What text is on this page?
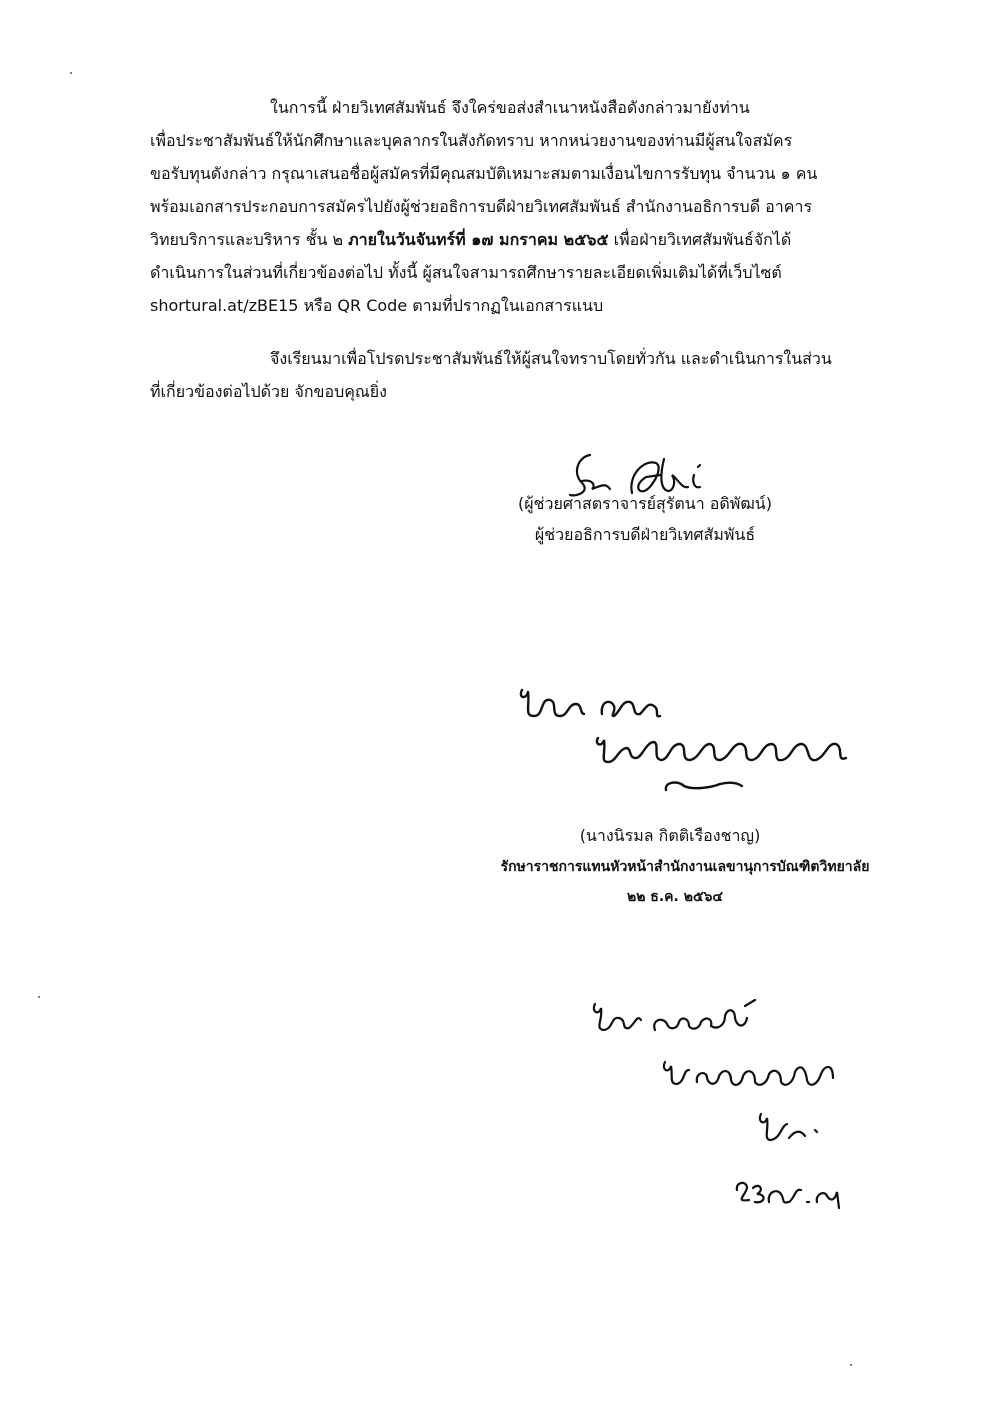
ในการนี้ ฝ่ายวิเทศสัมพันธ์ จึงใคร่ขอส่งสำเนาหนังสือดังกล่าวมายังท่าน
เพื่อประชาสัมพันธ์ให้นักศึกษาและบุคลากรในสังกัดทราบ หากหน่วยงานของท่านมีผู้สนใจสมัคร
ขอรับทุนดังกล่าว กรุณาเสนอชื่อผู้สมัครที่มีคุณสมบัติเหมาะสมตามเงื่อนไขการรับทุน จำนวน ๑ คน
พร้อมเอกสารประกอบการสมัครไปยังผู้ช่วยอธิการบดีฝ่ายวิเทศสัมพันธ์ สำนักงานอธิการบดี อาคาร
วิทยบริการและบริหาร ชั้น ๒ ภายในวันจันทร์ที่ ๑๗ มกราคม ๒๕๖๕ เพื่อฝ่ายวิเทศสัมพันธ์จักได้
ดำเนินการในส่วนที่เกี่ยวข้องต่อไป ทั้งนี้ ผู้สนใจสามารถศึกษารายละเอียดเพิ่มเติมได้ที่เว็บไซต์
shortural.at/zBE15 หรือ QR Code ตามที่ปรากฏในเอกสารแนบ
จึงเรียนมาเพื่อโปรดประชาสัมพันธ์ให้ผู้สนใจทราบโดยทั่วกัน และดำเนินการในส่วน
ที่เกี่ยวข้องต่อไปด้วย จักขอบคุณยิ่ง
(ผู้ช่วยศาสตราจารย์สุรัตนา อดิพัฒน์)
ผู้ช่วยอธิการบดีฝ่ายวิเทศสัมพันธ์
(นางนิรมล กิตติเรืองชาญ)
รักษาราชการแทนหัวหน้าสำนักงานเลขานุการบัณฑิตวิทยาลัย
๒๒ ธ.ค. ๒๕๖๔
